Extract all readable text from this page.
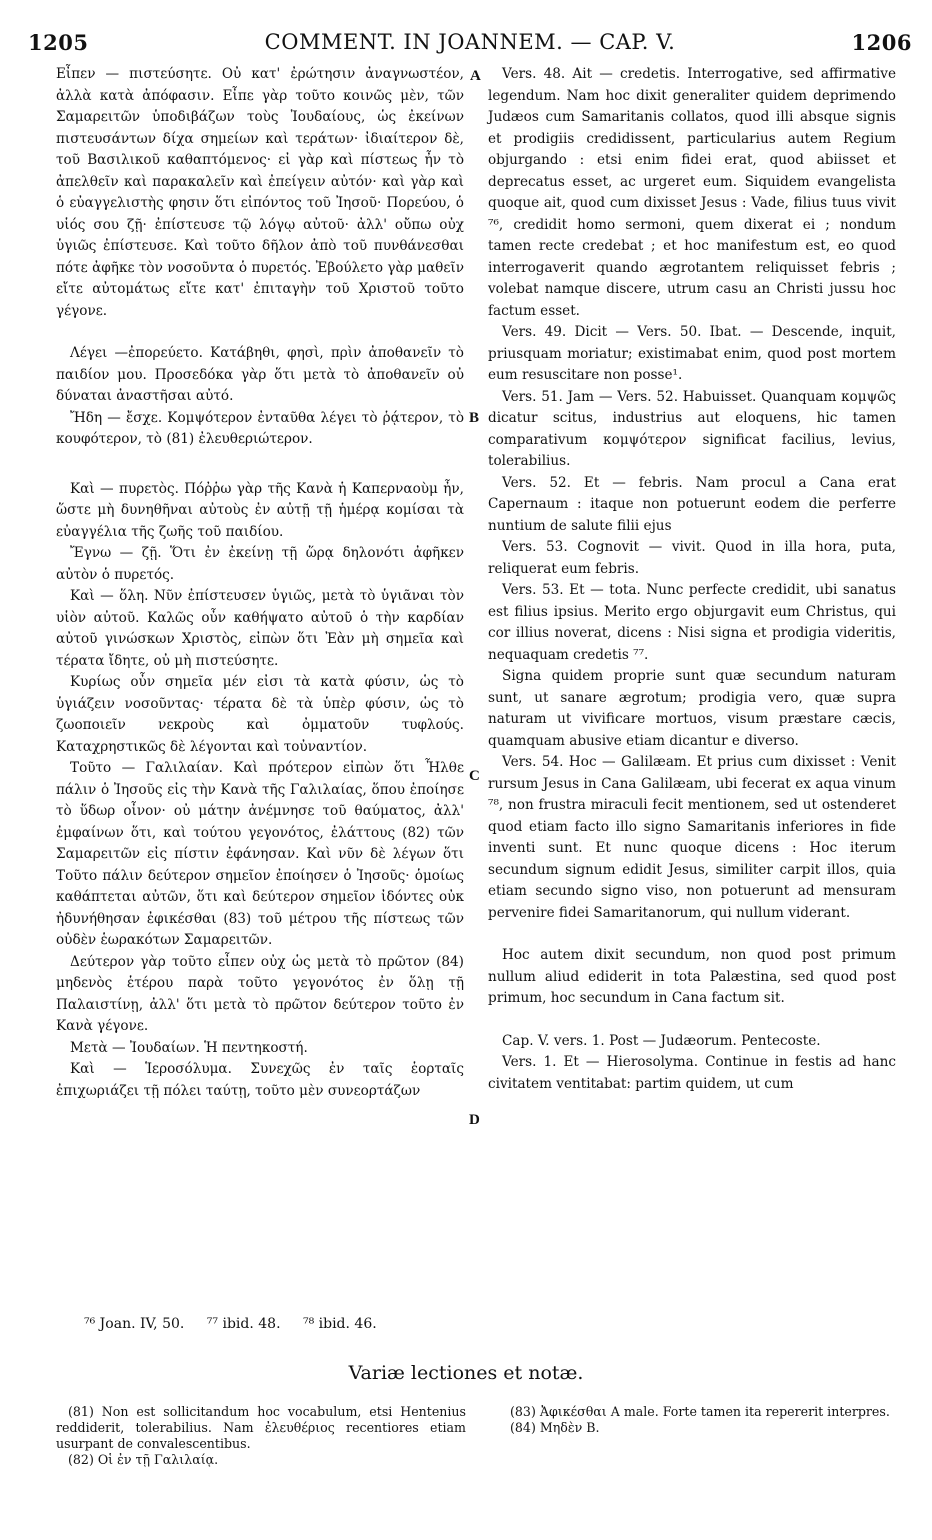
1205	COMMENT. IN JOANNEM. — CAP. V.	1206

Εἶπεν — πιστεύσητε. Οὐ κατ' ἐρώτησιν ἀναγνωστέον, ἀλλὰ κατὰ ἀπόφασιν. Εἶπε γὰρ τοῦτο κοινῶς μὲν, τῶν Σαμαρειτῶν ὑποδιβάζων τοὺς Ἰουδαίους, ὡς ἐκείνων πιστευσάντων δίχα σημείων καὶ τεράτων· ἰδιαίτερον δὲ, τοῦ Βασιλικοῦ καθαπτόμενος· εἰ γὰρ καὶ πίστεως ἦν τὸ ἀπελθεῖν καὶ παρακαλεῖν καὶ ἐπείγειν αὐτόν· καὶ γὰρ καὶ ὁ εὐαγγελιστὴς φησιν ὅτι εἰπόντος τοῦ Ἰησοῦ· Πορεύου, ὁ υἱός σου ζῇ· ἐπίστευσε τῷ λόγῳ αὐτοῦ· ἀλλ' οὔπω οὐχ ὑγιῶς ἐπίστευσε. Καὶ τοῦτο δῆλον ἀπὸ τοῦ πυνθάνεσθαι πότε ἀφῆκε τὸν νοσοῦντα ὁ πυρετός. Ἐβούλετο γὰρ μαθεῖν εἴτε αὐτομάτως εἴτε κατ' ἐπιταγὴν τοῦ Χριστοῦ τοῦτο γέγονε.

Λέγει —ἐπορεύετο. Κατάβηθι, φησὶ, πρὶν ἀποθανεῖν τὸ παιδίον μου. Προσεδόκα γὰρ ὅτι μετὰ τὸ ἀποθανεῖν οὐ δύναται ἀναστῆσαι αὐτό.

Ἤδη — ἔσχε. Κομψότερον ἐνταῦθα λέγει τὸ ῥᾴτερον, τὸ κουφότερον, τὸ (81) ἐλευθεριώτερον.

Καὶ — πυρετὸς. Πόῤῥω γὰρ τῆς Κανὰ ἡ Καπερναοὺμ ἦν, ὥστε μὴ δυνηθῆναι αὐτοὺς ἐν αὐτῇ τῇ ἡμέρᾳ κομίσαι τὰ εὐαγγέλια τῆς ζωῆς τοῦ παιδίου.

Ἔγνω — ζῇ. Ὅτι ἐν ἐκείνῃ τῇ ὥρᾳ δηλονότι ἀφῆκεν αὐτὸν ὁ πυρετός.

Καὶ — ὅλη. Νῦν ἐπίστευσεν ὑγιῶς, μετὰ τὸ ὑγιᾶναι τὸν υἱὸν αὐτοῦ. Καλῶς οὖν καθήψατο αὐτοῦ ὁ τὴν καρδίαν αὐτοῦ γινώσκων Χριστὸς, εἰπὼν ὅτι Ἐὰν μὴ σημεῖα καὶ τέρατα ἴδητε, οὐ μὴ πιστεύσητε.

Κυρίως οὖν σημεῖα μέν εἰσι τὰ κατὰ φύσιν, ὡς τὸ ὑγιάζειν νοσοῦντας· τέρατα δὲ τὰ ὑπὲρ φύσιν, ὡς τὸ ζωοποιεῖν νεκροὺς καὶ ὀμματοῦν τυφλούς. Καταχρηστικῶς δὲ λέγονται καὶ τοὐναντίον.

Τοῦτο — Γαλιλαίαν. Καὶ πρότερον εἰπὼν ὅτι Ἦλθε πάλιν ὁ Ἰησοῦς εἰς τὴν Κανὰ τῆς Γαλιλαίας, ὅπου ἐποίησε τὸ ὕδωρ οἶνον· οὐ μάτην ἀνέμνησε τοῦ θαύματος, ἀλλ' ἐμφαίνων ὅτι, καὶ τούτου γεγονότος, ἐλάττους (82) τῶν Σαμαρειτῶν εἰς πίστιν ἐφάνησαν. Καὶ νῦν δὲ λέγων ὅτι Τοῦτο πάλιν δεύτερον σημεῖον ἐποίησεν ὁ Ἰησοῦς· ὁμοίως καθάπτεται αὐτῶν, ὅτι καὶ δεύτερον σημεῖον ἰδόντες οὐκ ἠδυνήθησαν ἐφικέσθαι (83) τοῦ μέτρου τῆς πίστεως τῶν οὐδὲν ἑωρακότων Σαμαρειτῶν.

Δεύτερον γὰρ τοῦτο εἶπεν οὐχ ὡς μετὰ τὸ πρῶτον (84) μηδενὸς ἑτέρου παρὰ τοῦτο γεγονότος ἐν ὅλῃ τῇ Παλαιστίνῃ, ἀλλ' ὅτι μετὰ τὸ πρῶτον δεύτερον τοῦτο ἐν Κανὰ γέγονε.

Μετὰ — Ἰουδαίων. Ἡ πεντηκοστή.

Καὶ — Ἱεροσόλυμα. Συνεχῶς ἐν ταῖς ἑορταῖς ἐπιχωριάζει τῇ πόλει ταύτῃ, τοῦτο μὲν συνεορτάζων

Vers. 48. Ait — credetis. Interrogative, sed affirmative legendum. Nam hoc dixit generaliter quidem deprimendo Judæos cum Samaritanis collatos, quod illi absque signis et prodigiis credidissent, particularius autem Regium objurgando : etsi enim fidei erat, quod abiisset et deprecatus esset, ac urgeret eum. Siquidem evangelista quoque ait, quod cum dixisset Jesus : Vade, filius tuus vivit ⁷⁶, credidit homo sermoni, quem dixerat ei ; nondum tamen recte credebat ; et hoc manifestum est, eo quod interrogaverit quando ægrotantem reliquisset febris ; volebat namque discere, utrum casu an Christi jussu hoc factum esset.

Vers. 49. Dicit — Vers. 50. Ibat. — Descende, inquit, priusquam moriatur; existimabat enim, quod post mortem eum resuscitare non posse¹.

Vers. 51. Jam — Vers. 52. Habuisset. Quanquam κομψῶς dicatur scitus, industrius aut eloquens, hic tamen comparativum κομψότερον significat facilius, levius, tolerabilius.

Vers. 52. Et — febris. Nam procul a Cana erat Capernaum : itaque non potuerunt eodem die perferre nuntium de salute filii ejus

Vers. 53. Cognovit — vivit. Quod in illa hora, puta, reliquerat eum febris.

Vers. 53. Et — tota. Nunc perfecte credidit, ubi sanatus est filius ipsius. Merito ergo objurgavit eum Christus, qui cor illius noverat, dicens : Nisi signa et prodigia videritis, nequaquam credetis ⁷⁷.

Signa quidem proprie sunt quæ secundum naturam sunt, ut sanare ægrotum; prodigia vero, quæ supra naturam ut vivificare mortuos, visum præstare cæcis, quamquam abusive etiam dicantur e diverso.

Vers. 54. Hoc — Galilæam. Et prius cum dixisset : Venit rursum Jesus in Cana Galilæam, ubi fecerat ex aqua vinum ⁷⁸, non frustra miraculi fecit mentionem, sed ut ostenderet quod etiam facto illo signo Samaritanis inferiores in fide inventi sunt. Et nunc quoque dicens : Hoc iterum secundum signum edidit Jesus, similiter carpit illos, quia etiam secundo signo viso, non potuerunt ad mensuram pervenire fidei Samaritanorum, qui nullum viderant.

Hoc autem dixit secundum, non quod post primum nullum aliud ediderit in tota Palæstina, sed quod post primum, hoc secundum in Cana factum sit.

Cap. V. vers. 1. Post — Judæorum. Pentecoste.

Vers. 1. Et — Hierosolyma. Continue in festis ad hanc civitatem ventitabat: partim quidem, ut cum

A
B
C
D
⁷⁶ Joan. IV, 50. ⁷⁷ ibid. 48. ⁷⁸ ibid. 46.
Variæ lectiones et notæ.

(81) Non est sollicitandum hoc vocabulum, etsi Hentenius reddiderit, tolerabilius. Nam ἐλευθέριος recentiores etiam usurpant de convalescentibus.

(82) Οἱ ἐν τῇ Γαλιλαίᾳ.

(83) Ἀφικέσθαι A male. Forte tamen ita repererit interpres.

(84) Μηδὲν B.
